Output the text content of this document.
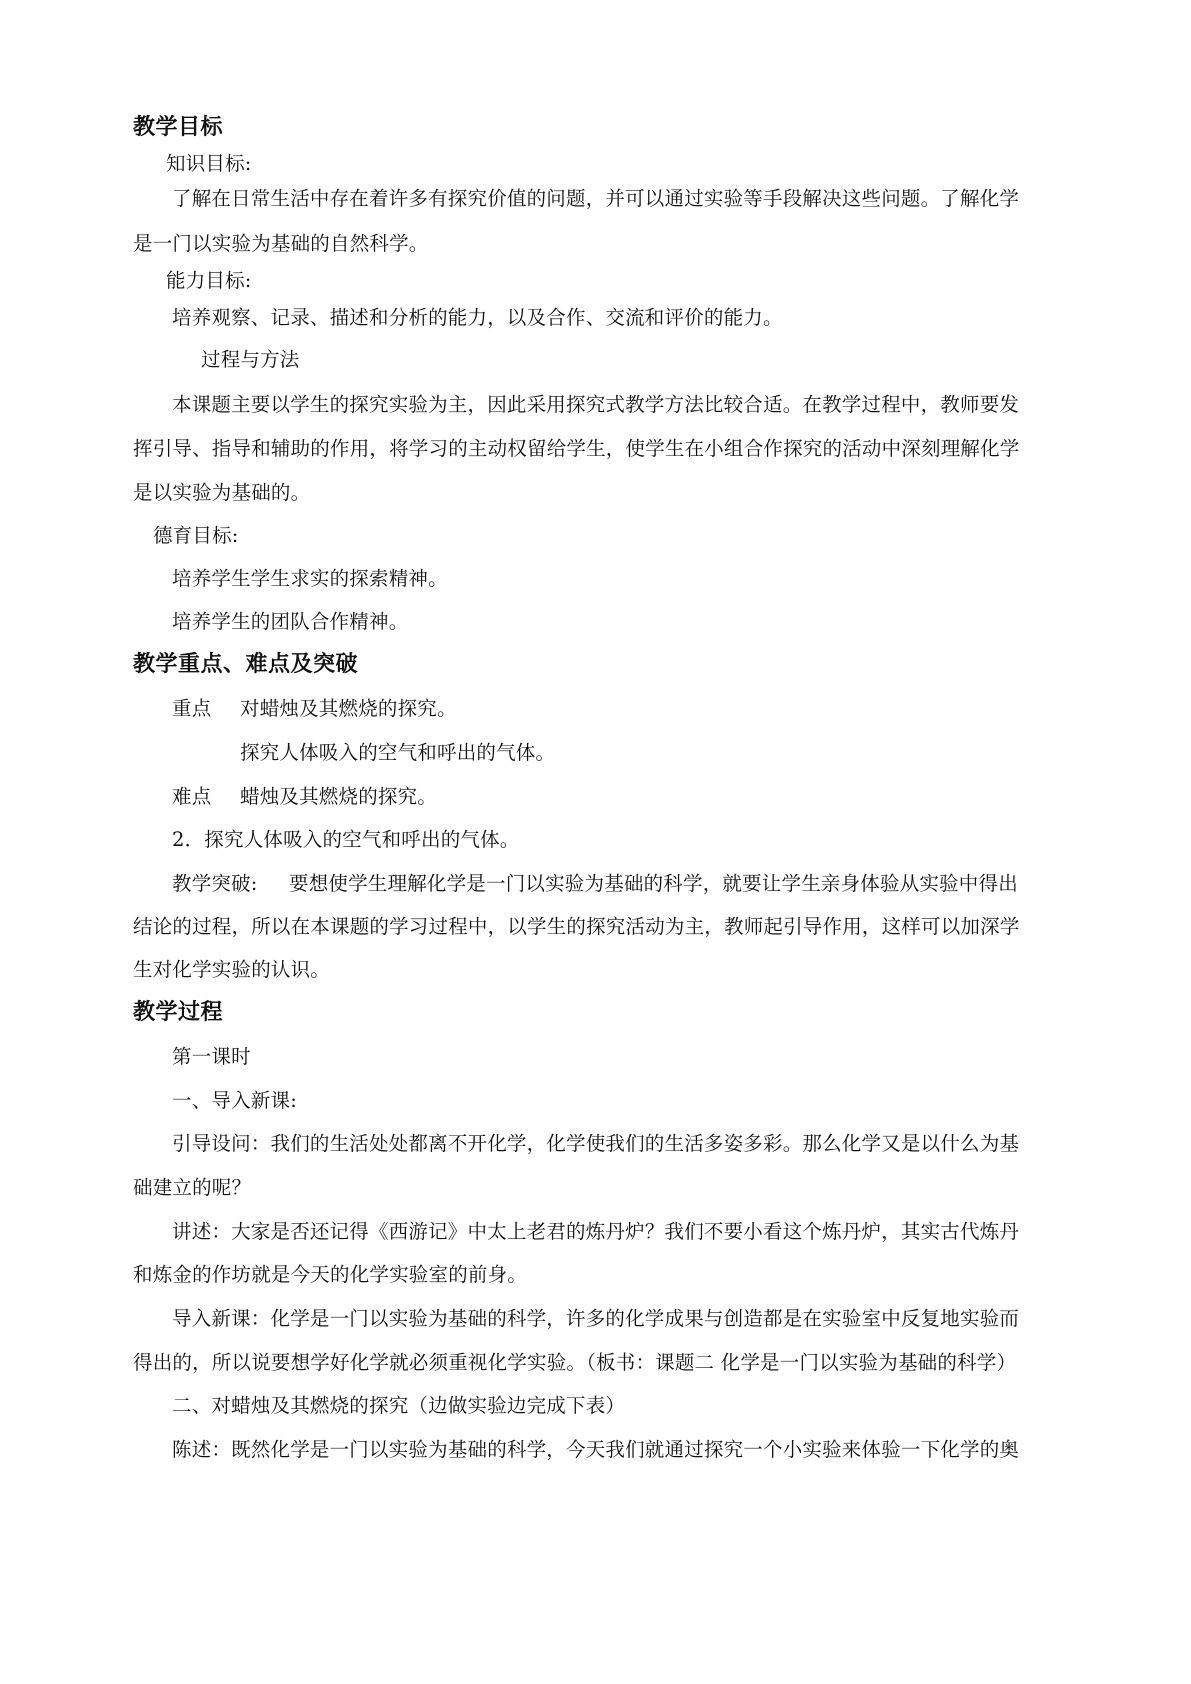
教学目标
知识目标:
了解在日常生活中存在着许多有探究价值的问题，并可以通过实验等手段解决这些问题。了解化学
是一门以实验为基础的自然科学。
能力目标:
培养观察、记录、描述和分析的能力，以及合作、交流和评价的能力。
过程与方法
本课题主要以学生的探究实验为主，因此采用探究式教学方法比较合适。在教学过程中，教师要发
挥引导、指导和辅助的作用，将学习的主动权留给学生，使学生在小组合作探究的活动中深刻理解化学
是以实验为基础的。
德育目标:
培养学生学生求实的探索精神。
培养学生的团队合作精神。
教学重点、难点及突破
重点 对蜡烛及其燃烧的探究。
探究人体吸入的空气和呼出的气体。
难点 蜡烛及其燃烧的探究。
2．探究人体吸入的空气和呼出的气体。
教学突破: 要想使学生理解化学是一门以实验为基础的科学，就要让学生亲身体验从实验中得出
结论的过程，所以在本课题的学习过程中，以学生的探究活动为主，教师起引导作用，这样可以加深学
生对化学实验的认识。
教学过程
第一课时
一、导入新课:
引导设问：我们的生活处处都离不开化学，化学使我们的生活多姿多彩。那么化学又是以什么为基
础建立的呢？
讲述：大家是否还记得《西游记》中太上老君的炼丹炉？我们不要小看这个炼丹炉，其实古代炼丹
和炼金的作坊就是今天的化学实验室的前身。
导入新课：化学是一门以实验为基础的科学，许多的化学成果与创造都是在实验室中反复地实验而
得出的，所以说要想学好化学就必须重视化学实验。（板书：课题二 化学是一门以实验为基础的科学）
二、对蜡烛及其燃烧的探究（边做实验边完成下表）
陈述：既然化学是一门以实验为基础的科学，今天我们就通过探究一个小实验来体验一下化学的奥
